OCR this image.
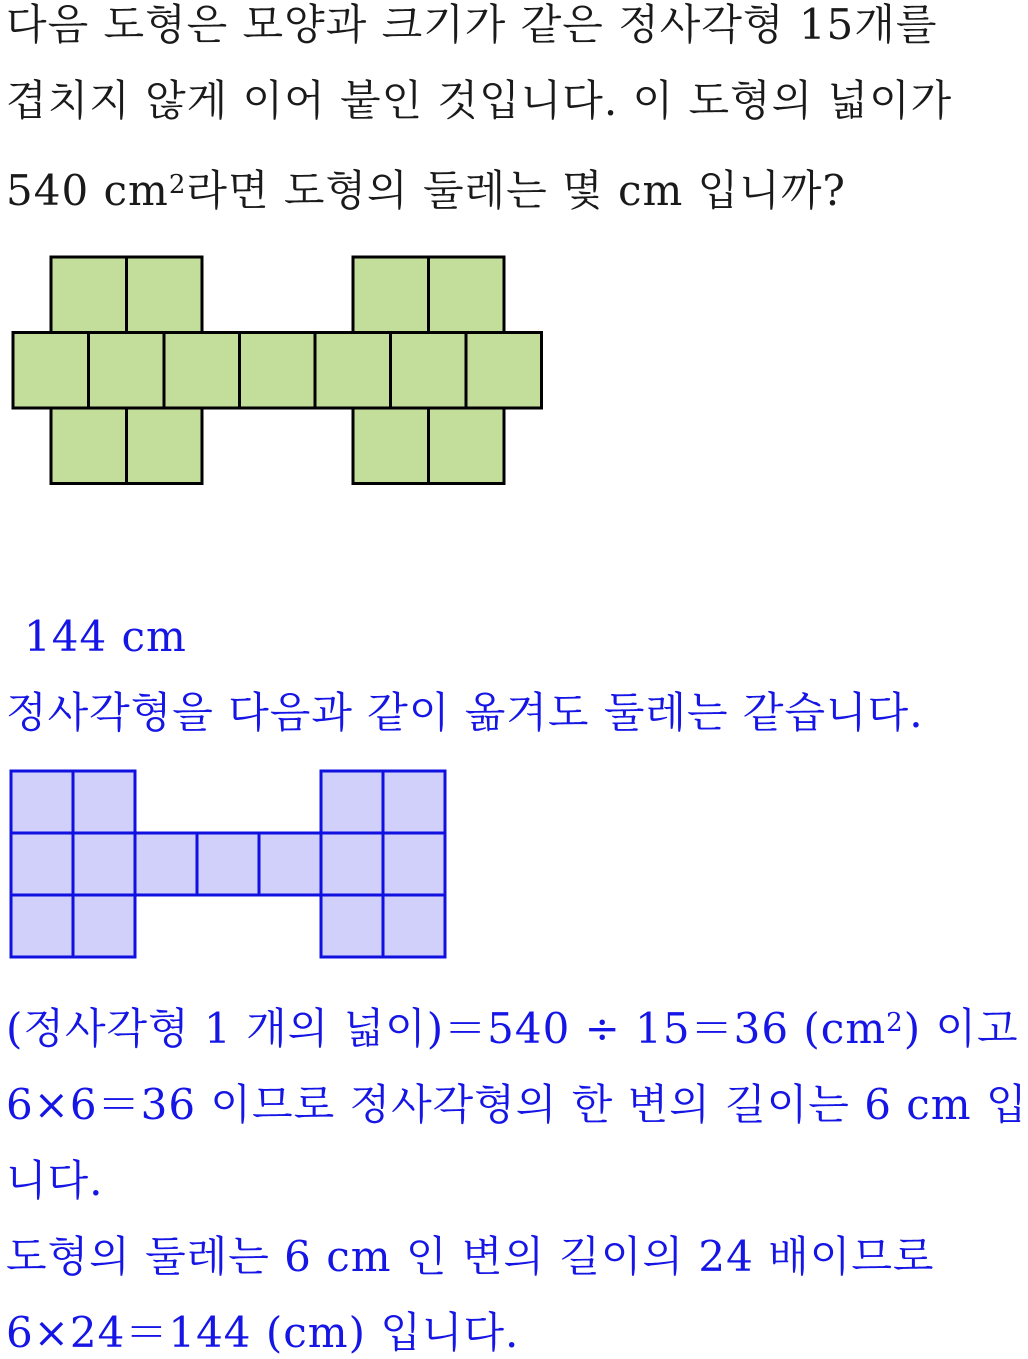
다음 도형은 모양과 크기가 같은 정사각형 15개를
겹치지 않게 이어 붙인 것입니다. 이 도형의 넓이가
540 $cm^2$라면 도형의 둘레는 몇 cm 입니까?
144 cm
정사각형을 다음과 같이 옮겨도 둘레는 같습니다.
(정사각형 1 개의 넓이)＝540 ÷ 15＝36 $(cm^2)$ 이고
6×6＝36 이므로 정사각형의 한 변의 길이는 6 cm 입
니다.
도형의 둘레는 6 cm 인 변의 길이의 24 배이므로
6×24＝144 (cm) 입니다.
